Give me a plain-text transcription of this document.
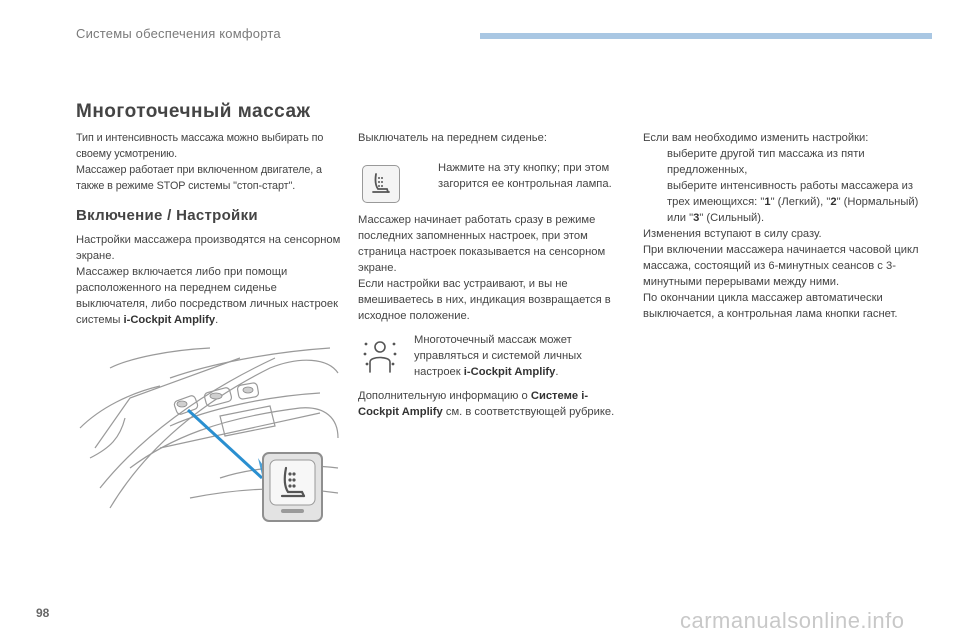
Системы обеспечения комфорта
Многоточечный массаж
Тип и интенсивность массажа можно выбирать по своему усмотрению.
Массажер работает при включенном двигателе, а также в режиме STOP системы "стоп-старт".
Включение / Настройки
Настройки массажера производятся на сенсорном экране.
Массажер включается либо при помощи расположенного на переднем сиденье выключателя, либо посредством личных настроек системы i-Cockpit Amplify.
Выключатель на переднем сиденье:
Нажмите на эту кнопку; при этом загорится ее контрольная лампа.
Массажер начинает работать сразу в режиме последних запомненных настроек, при этом страница настроек показывается на сенсорном экране.
Если настройки вас устраивают, и вы не вмешиваетесь в них, индикация возвращается в исходное положение.
Многоточечный массаж может управляться и системой личных настроек i-Cockpit Amplify.
Дополнительную информацию о Системе i-Cockpit Amplify см. в соответствующей рубрике.
Если вам необходимо изменить настройки:
выберите другой тип массажа из пяти предложенных,
выберите интенсивность работы массажера из трех имеющихся: "1" (Легкий), "2" (Нормальный) или "3" (Сильный).
Изменения вступают в силу сразу.
При включении массажера начинается часовой цикл массажа, состоящий из 6-минутных сеансов с 3-минутными перерывами между ними.
По окончании цикла массажер автоматически выключается, а контрольная лама кнопки гаснет.
98	carmanualsonline.info
